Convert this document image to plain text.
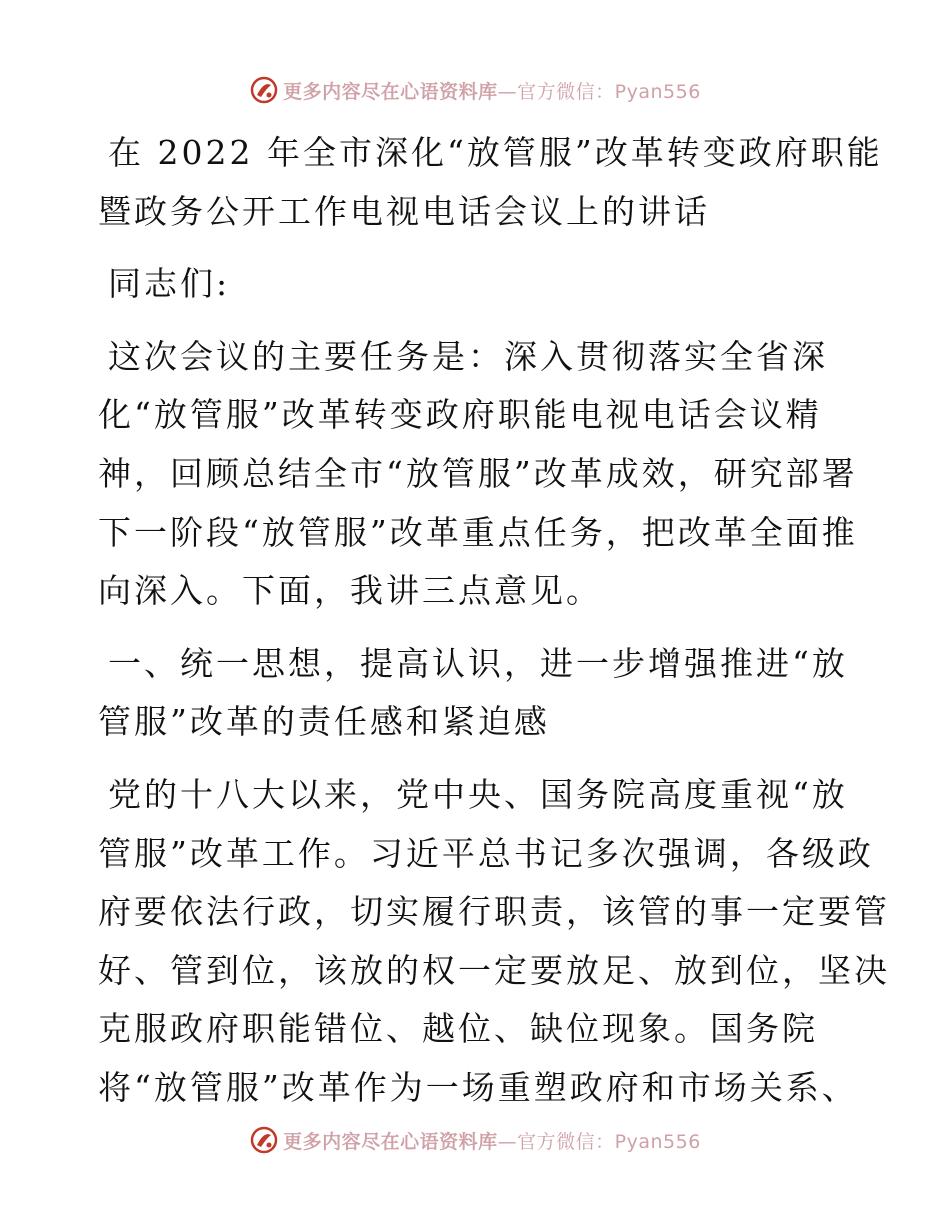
更多内容尽在心语资料库—官方微信：Pyan556
在 2022 年全市深化“放管服”改革转变政府职能
暨政务公开工作电视电话会议上的讲话
同志们:
这次会议的主要任务是：深入贯彻落实全省深
化“放管服”改革转变政府职能电视电话会议精
神，回顾总结全市“放管服”改革成效，研究部署
下一阶段“放管服”改革重点任务，把改革全面推
向深入。下面，我讲三点意见。
一、统一思想，提高认识，进一步增强推进“放
管服”改革的责任感和紧迫感
党的十八大以来，党中央、国务院高度重视“放
管服”改革工作。习近平总书记多次强调，各级政
府要依法行政，切实履行职责，该管的事一定要管
好、管到位，该放的权一定要放足、放到位，坚决
克服政府职能错位、越位、缺位现象。国务院
将“放管服”改革作为一场重塑政府和市场关系、
更多内容尽在心语资料库—官方微信：Pyan556
